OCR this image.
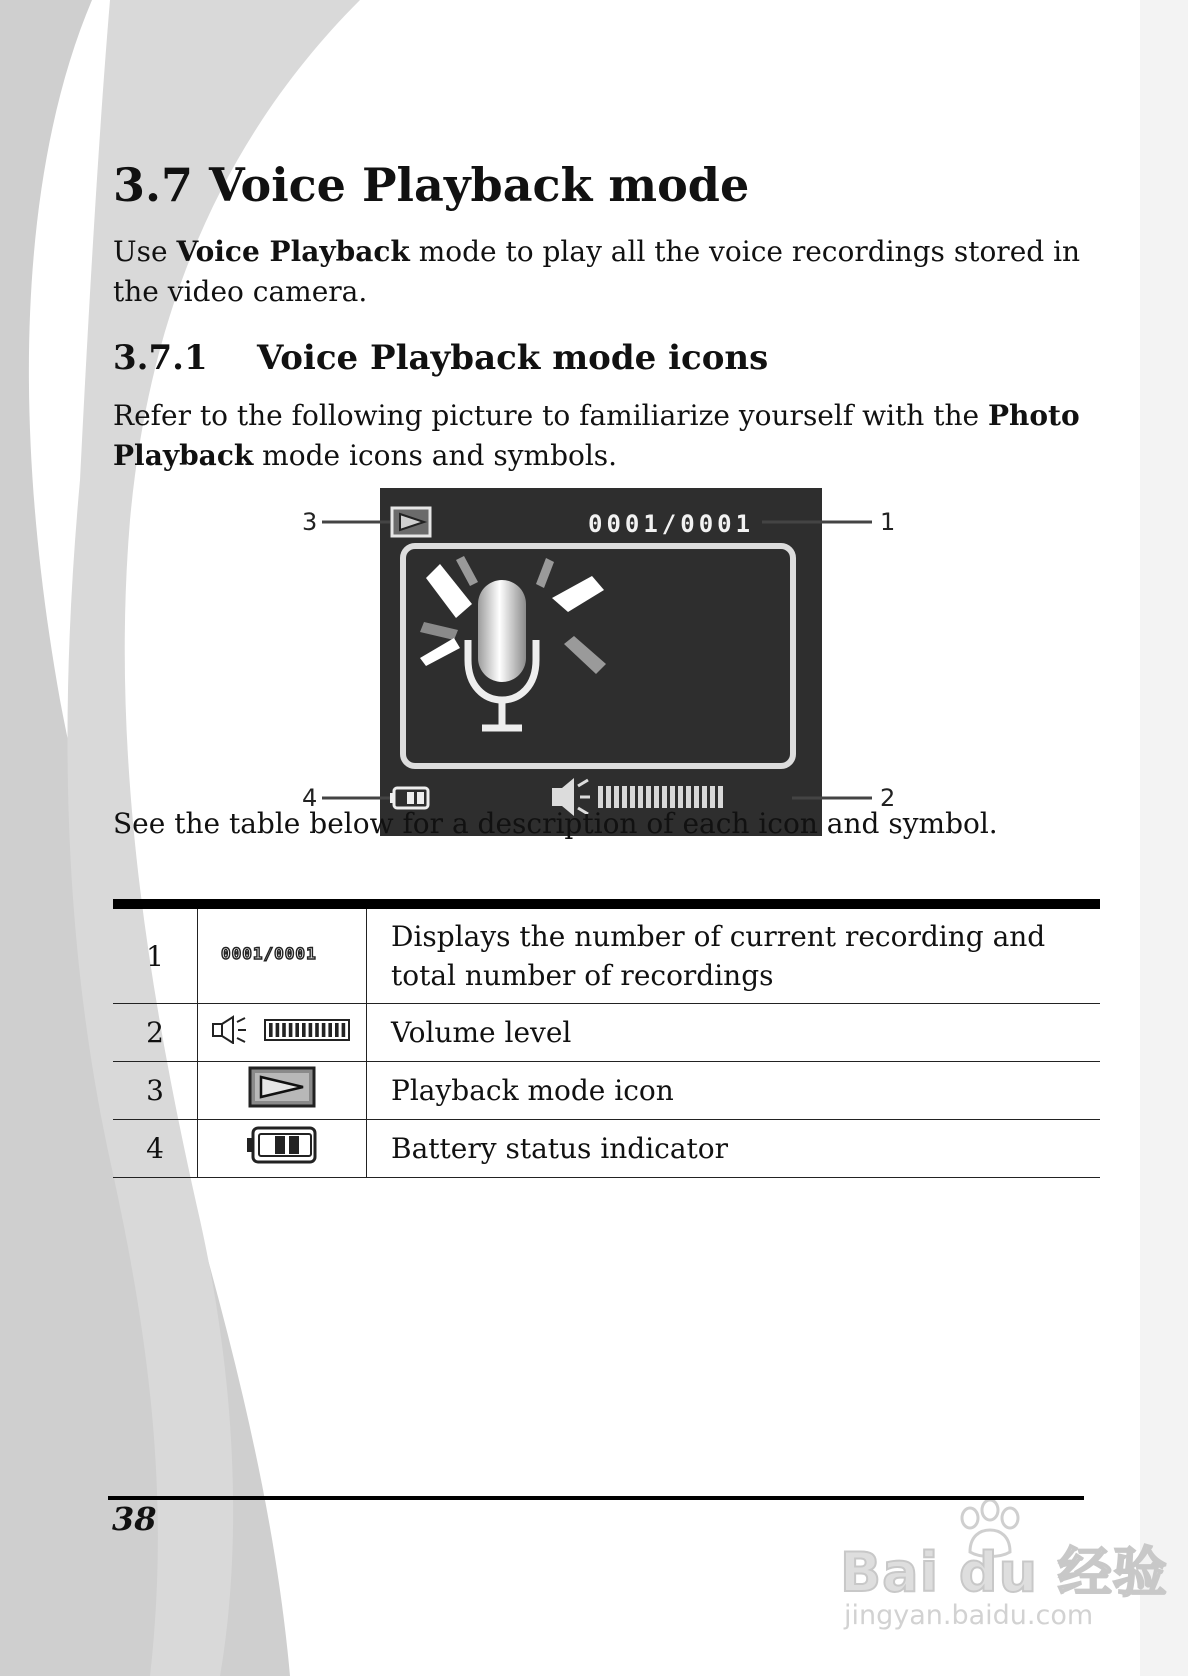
3.7 Voice Playback mode

Use Voice Playback mode to play all the voice recordings stored in
the video camera.

3.7.1 Voice Playback mode icons

Refer to the following picture to familiarize yourself with the Photo
Playback mode icons and symbols.

3	1
4	2
0001/0001

See the table below for a description of each icon and symbol.

1	0001/0001	Displays the number of current recording and
total number of recordings
2		Volume level
3		Playback mode icon
4		Battery status indicator
38
Bai du 经验
jingyan.baidu.com
